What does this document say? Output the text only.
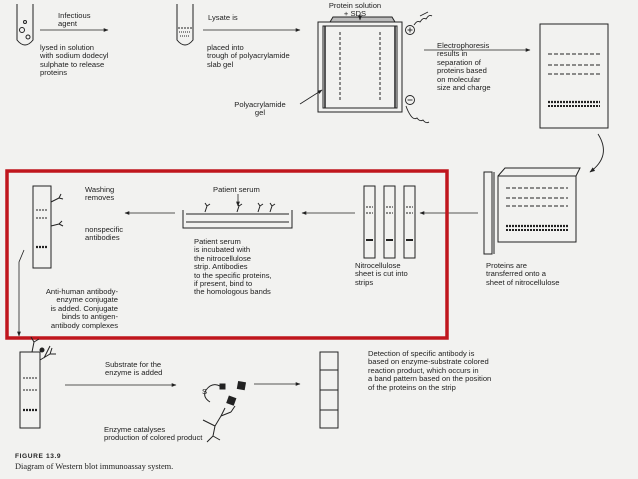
Infectious
agent

lysed in solution
with sodium dodecyl
sulphate to release
proteins

Lysate is

placed into
trough of polyacrylamide
slab gel

Protein solution
+ SDS

Polyacrylamide
gel

Electrophoresis
results in
separation of
proteins based
on molecular
size and charge

Washing
removes

nonspecific
antibodies

Patient serum

Patient serum
is incubated with
the nitrocellulose
strip. Antibodies
to the specific proteins,
if present, bind to
the homologous bands

Nitrocellulose
sheet is cut into
strips

Proteins are
transferred onto a
sheet of nitrocellulose

Anti-human antibody-
enzyme conjugate
is added. Conjugate
binds to antigen-
antibody complexes

Substrate for the
enzyme is added

Enzyme catalyses
production of colored product

Detection of specific antibody is
based on enzyme-substrate colored
reaction product, which occurs in
a band pattern based on the position
of the proteins on the strip

S

FIGURE 13.9

Diagram of Western blot immunoassay system.
